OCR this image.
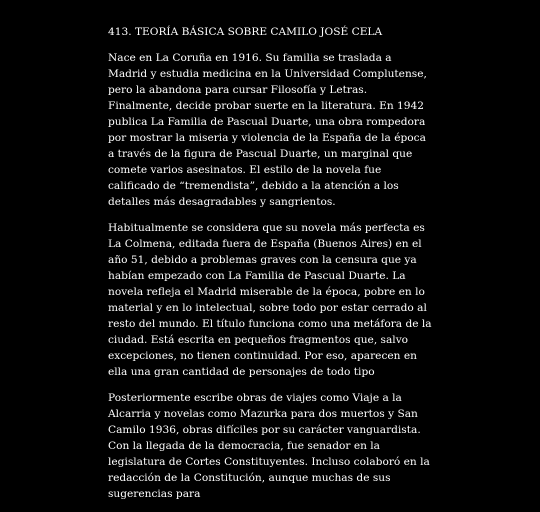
413. TEORÍA BÁSICA SOBRE CAMILO JOSÉ CELA

Nace en La Coruña en 1916. Su familia se traslada a Madrid y estudia medicina en la Universidad Complutense, pero la abandona para cursar Filosofía y Letras. Finalmente, decide probar suerte en la literatura. En 1942 publica La Familia de Pascual Duarte, una obra rompedora por mostrar la miseria y violencia de la España de la época a través de la figura de Pascual Duarte, un marginal que comete varios asesinatos. El estilo de la novela fue calificado de “tremendista”, debido a la atención a los detalles más desagradables y sangrientos.

Habitualmente se considera que su novela más perfecta es La Colmena, editada fuera de España (Buenos Aires) en el año 51, debido a problemas graves con la censura que ya habían empezado con La Familia de Pascual Duarte. La novela refleja el Madrid miserable de la época, pobre en lo material y en lo intelectual, sobre todo por estar cerrado al resto del mundo. El título funciona como una metáfora de la ciudad. Está escrita en pequeños fragmentos que, salvo excepciones, no tienen continuidad. Por eso, aparecen en ella una gran cantidad de personajes de todo tipo

Posteriormente escribe obras de viajes como Viaje a la Alcarria y novelas como Mazurka para dos muertos y San Camilo 1936, obras difíciles por su carácter vanguardista. Con la llegada de la democracia, fue senador en la legislatura de Cortes Constituyentes. Incluso colaboró en la redacción de la Constitución, aunque muchas de sus sugerencias para
